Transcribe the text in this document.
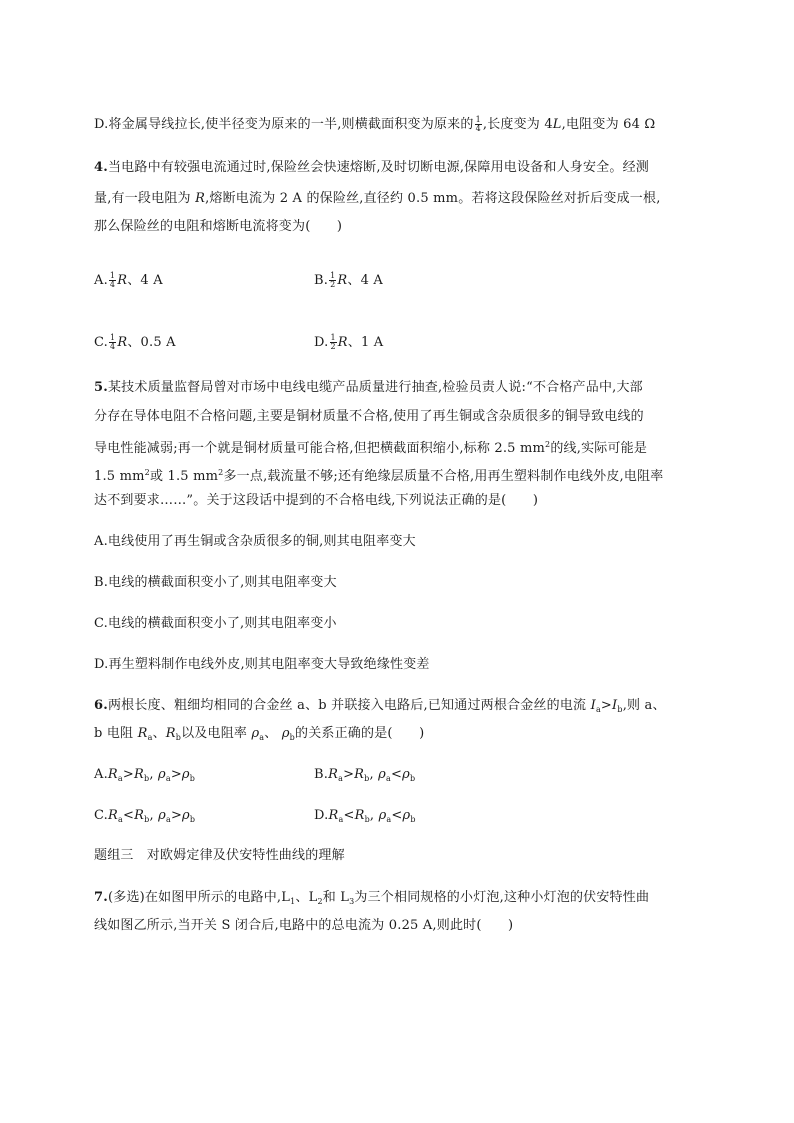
D.将金属导线拉长,使半径变为原来的一半,则横截面积变为原来的 $\frac{1}{4}$ ,长度变为 4L,电阻变为 64 Ω
4.当电路中有较强电流通过时,保险丝会快速熔断,及时切断电源,保障用电设备和人身安全。经测
量,有一段电阻为 R,熔断电流为 2 A 的保险丝,直径约 0.5 mm。若将这段保险丝对折后变成一根,
那么保险丝的电阻和熔断电流将变为(　　)
A. $\frac{1}{4}$ R、4 A	B. $\frac{1}{2}$ R、4 A
C. $\frac{1}{4}$ R、0.5 A	D. $\frac{1}{2}$ R、1 A
5.某技术质量监督局曾对市场中电线电缆产品质量进行抽查,检验员责人说:“不合格产品中,大部
分存在导体电阻不合格问题,主要是铜材质量不合格,使用了再生铜或含杂质很多的铜导致电线的
导电性能减弱;再一个就是铜材质量可能合格,但把横截面积缩小,标称 2.5 $mm^2$的线,实际可能是
1.5 $mm^2$或 1.5 $mm^2$多一点,载流量不够;还有绝缘层质量不合格,用再生塑料制作电线外皮,电阻率
达不到要求……”。关于这段话中提到的不合格电线,下列说法正确的是(　　)
A.电线使用了再生铜或含杂质很多的铜,则其电阻率变大
B.电线的横截面积变小了,则其电阻率变大
C.电线的横截面积变小了,则其电阻率变小
D.再生塑料制作电线外皮,则其电阻率变大导致绝缘性变差
6.两根长度、粗细均相同的合金丝 a、b 并联接入电路后,已知通过两根合金丝的电流 $I_a>I_b$,则 a、
b 电阻 $R_a$、$R_b$以及电阻率 $\rho_a$、 $\rho_b$的关系正确的是(　　)
$A.R_a>R_b$, $\rho_a>\rho_b$	$B.R_a>R_b$, $\rho_a<\rho_b$
$C.R_a<R_b$, $\rho_a>\rho_b$	$D.R_a<R_b$, $\rho_a<\rho_b$
题组三　对欧姆定律及伏安特性曲线的理解
7.(多选)在如图甲所示的电路中$,L_1$、$L_2$和 $L_3$为三个相同规格的小灯泡,这种小灯泡的伏安特性曲
线如图乙所示,当开关 S 闭合后,电路中的总电流为 0.25 A,则此时(　　)
